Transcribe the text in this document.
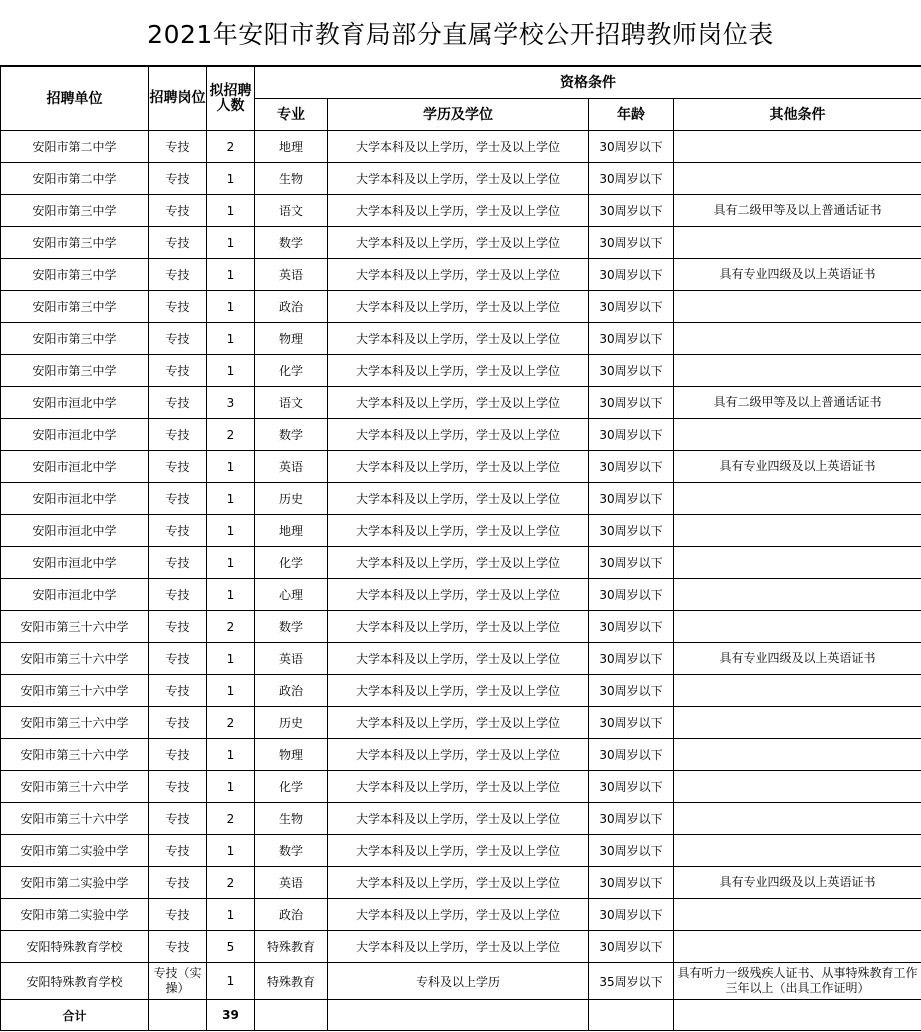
2021年安阳市教育局部分直属学校公开招聘教师岗位表
招聘单位	招聘岗位	拟招聘人数	资格条件			
			专业	学历及学位	年龄	其他条件
安阳市第二中学	专技	2	地理	大学本科及以上学历，学士及以上学位	30周岁以下	
安阳市第二中学	专技	1	生物	大学本科及以上学历，学士及以上学位	30周岁以下	
安阳市第三中学	专技	1	语文	大学本科及以上学历，学士及以上学位	30周岁以下	具有二级甲等及以上普通话证书
安阳市第三中学	专技	1	数学	大学本科及以上学历，学士及以上学位	30周岁以下	
安阳市第三中学	专技	1	英语	大学本科及以上学历，学士及以上学位	30周岁以下	具有专业四级及以上英语证书
安阳市第三中学	专技	1	政治	大学本科及以上学历，学士及以上学位	30周岁以下	
安阳市第三中学	专技	1	物理	大学本科及以上学历，学士及以上学位	30周岁以下	
安阳市第三中学	专技	1	化学	大学本科及以上学历，学士及以上学位	30周岁以下	
安阳市洹北中学	专技	3	语文	大学本科及以上学历，学士及以上学位	30周岁以下	具有二级甲等及以上普通话证书
安阳市洹北中学	专技	2	数学	大学本科及以上学历，学士及以上学位	30周岁以下	
安阳市洹北中学	专技	1	英语	大学本科及以上学历，学士及以上学位	30周岁以下	具有专业四级及以上英语证书
安阳市洹北中学	专技	1	历史	大学本科及以上学历，学士及以上学位	30周岁以下	
安阳市洹北中学	专技	1	地理	大学本科及以上学历，学士及以上学位	30周岁以下	
安阳市洹北中学	专技	1	化学	大学本科及以上学历，学士及以上学位	30周岁以下	
安阳市洹北中学	专技	1	心理	大学本科及以上学历，学士及以上学位	30周岁以下	
安阳市第三十六中学	专技	2	数学	大学本科及以上学历，学士及以上学位	30周岁以下	
安阳市第三十六中学	专技	1	英语	大学本科及以上学历，学士及以上学位	30周岁以下	具有专业四级及以上英语证书
安阳市第三十六中学	专技	1	政治	大学本科及以上学历，学士及以上学位	30周岁以下	
安阳市第三十六中学	专技	2	历史	大学本科及以上学历，学士及以上学位	30周岁以下	
安阳市第三十六中学	专技	1	物理	大学本科及以上学历，学士及以上学位	30周岁以下	
安阳市第三十六中学	专技	1	化学	大学本科及以上学历，学士及以上学位	30周岁以下	
安阳市第三十六中学	专技	2	生物	大学本科及以上学历，学士及以上学位	30周岁以下	
安阳市第二实验中学	专技	1	数学	大学本科及以上学历，学士及以上学位	30周岁以下	
安阳市第二实验中学	专技	2	英语	大学本科及以上学历，学士及以上学位	30周岁以下	具有专业四级及以上英语证书
安阳市第二实验中学	专技	1	政治	大学本科及以上学历，学士及以上学位	30周岁以下	
安阳特殊教育学校	专技	5	特殊教育	大学本科及以上学历，学士及以上学位	30周岁以下	
安阳特殊教育学校	专技（实操）	1	特殊教育	专科及以上学历	35周岁以下	具有听力一级残疾人证书、从事特殊教育工作三年以上（出具工作证明）
合计		39				
